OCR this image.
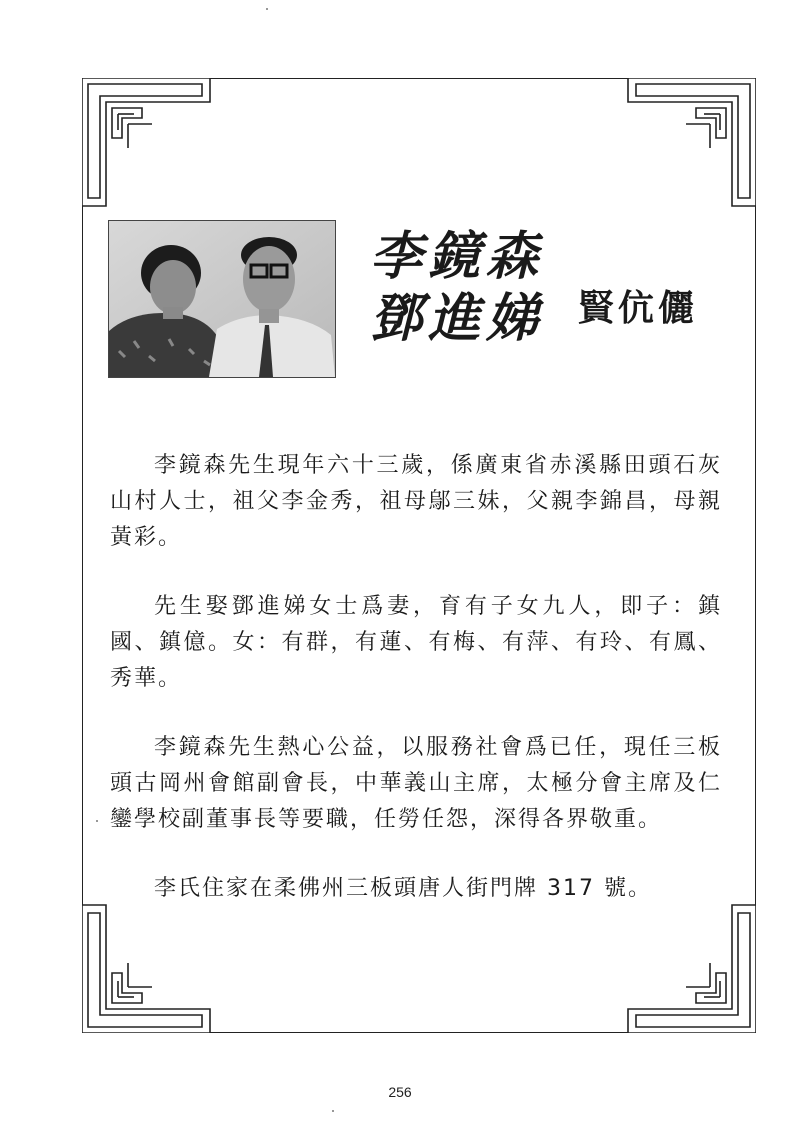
李鏡森
鄧進娣 賢伉儷

李鏡森先生現年六十三歲，係廣東省赤溪縣田頭石灰山村人士，祖父李金秀，祖母鄔三妹，父親李錦昌，母親黃彩。

先生娶鄧進娣女士爲妻，育有子女九人，即子：鎮國、鎮億。女：有群，有蓮、有梅、有萍、有玲、有鳳、秀華。

李鏡森先生熱心公益，以服務社會爲已任，現任三板頭古岡州會館副會長，中華義山主席，太極分會主席及仁鑾學校副董事長等要職，任勞任怨，深得各界敬重。

李氏住家在柔佛州三板頭唐人街門牌 317 號。

256
